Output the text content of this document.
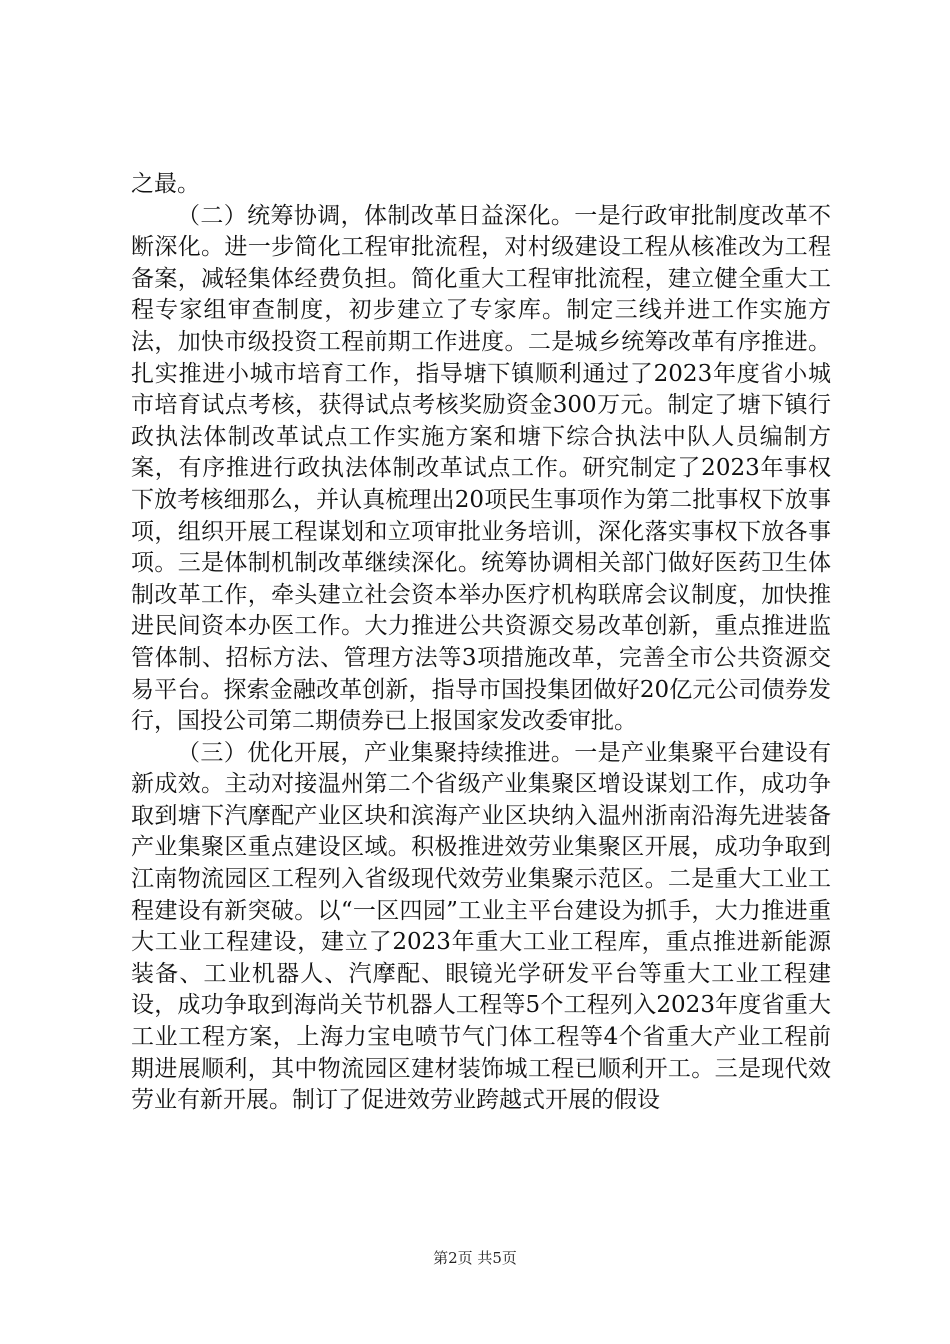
之最。

（二）统筹协调，体制改革日益深化。一是行政审批制度改革不断深化。进一步简化工程审批流程，对村级建设工程从核准改为工程备案，减轻集体经费负担。简化重大工程审批流程，建立健全重大工程专家组审查制度，初步建立了专家库。制定三线并进工作实施方法，加快市级投资工程前期工作进度。二是城乡统筹改革有序推进。扎实推进小城市培育工作，指导塘下镇顺利通过了2023年度省小城市培育试点考核，获得试点考核奖励资金300万元。制定了塘下镇行政执法体制改革试点工作实施方案和塘下综合执法中队人员编制方案，有序推进行政执法体制改革试点工作。研究制定了2023年事权下放考核细那么，并认真梳理出20项民生事项作为第二批事权下放事项，组织开展工程谋划和立项审批业务培训，深化落实事权下放各事项。三是体制机制改革继续深化。统筹协调相关部门做好医药卫生体制改革工作，牵头建立社会资本举办医疗机构联席会议制度，加快推进民间资本办医工作。大力推进公共资源交易改革创新，重点推进监管体制、招标方法、管理方法等3项措施改革，完善全市公共资源交易平台。探索金融改革创新，指导市国投集团做好20亿元公司债券发行，国投公司第二期债券已上报国家发改委审批。

（三）优化开展，产业集聚持续推进。一是产业集聚平台建设有新成效。主动对接温州第二个省级产业集聚区增设谋划工作，成功争取到塘下汽摩配产业区块和滨海产业区块纳入温州浙南沿海先进装备产业集聚区重点建设区域。积极推进效劳业集聚区开展，成功争取到江南物流园区工程列入省级现代效劳业集聚示范区。二是重大工业工程建设有新突破。以“一区四园”工业主平台建设为抓手，大力推进重大工业工程建设，建立了2023年重大工业工程库，重点推进新能源装备、工业机器人、汽摩配、眼镜光学研发平台等重大工业工程建设，成功争取到海尚关节机器人工程等5个工程列入2023年度省重大工业工程方案，上海力宝电喷节气门体工程等4个省重大产业工程前期进展顺利，其中物流园区建材装饰城工程已顺利开工。三是现代效劳业有新开展。制订了促进效劳业跨越式开展的假设

第2页 共5页
